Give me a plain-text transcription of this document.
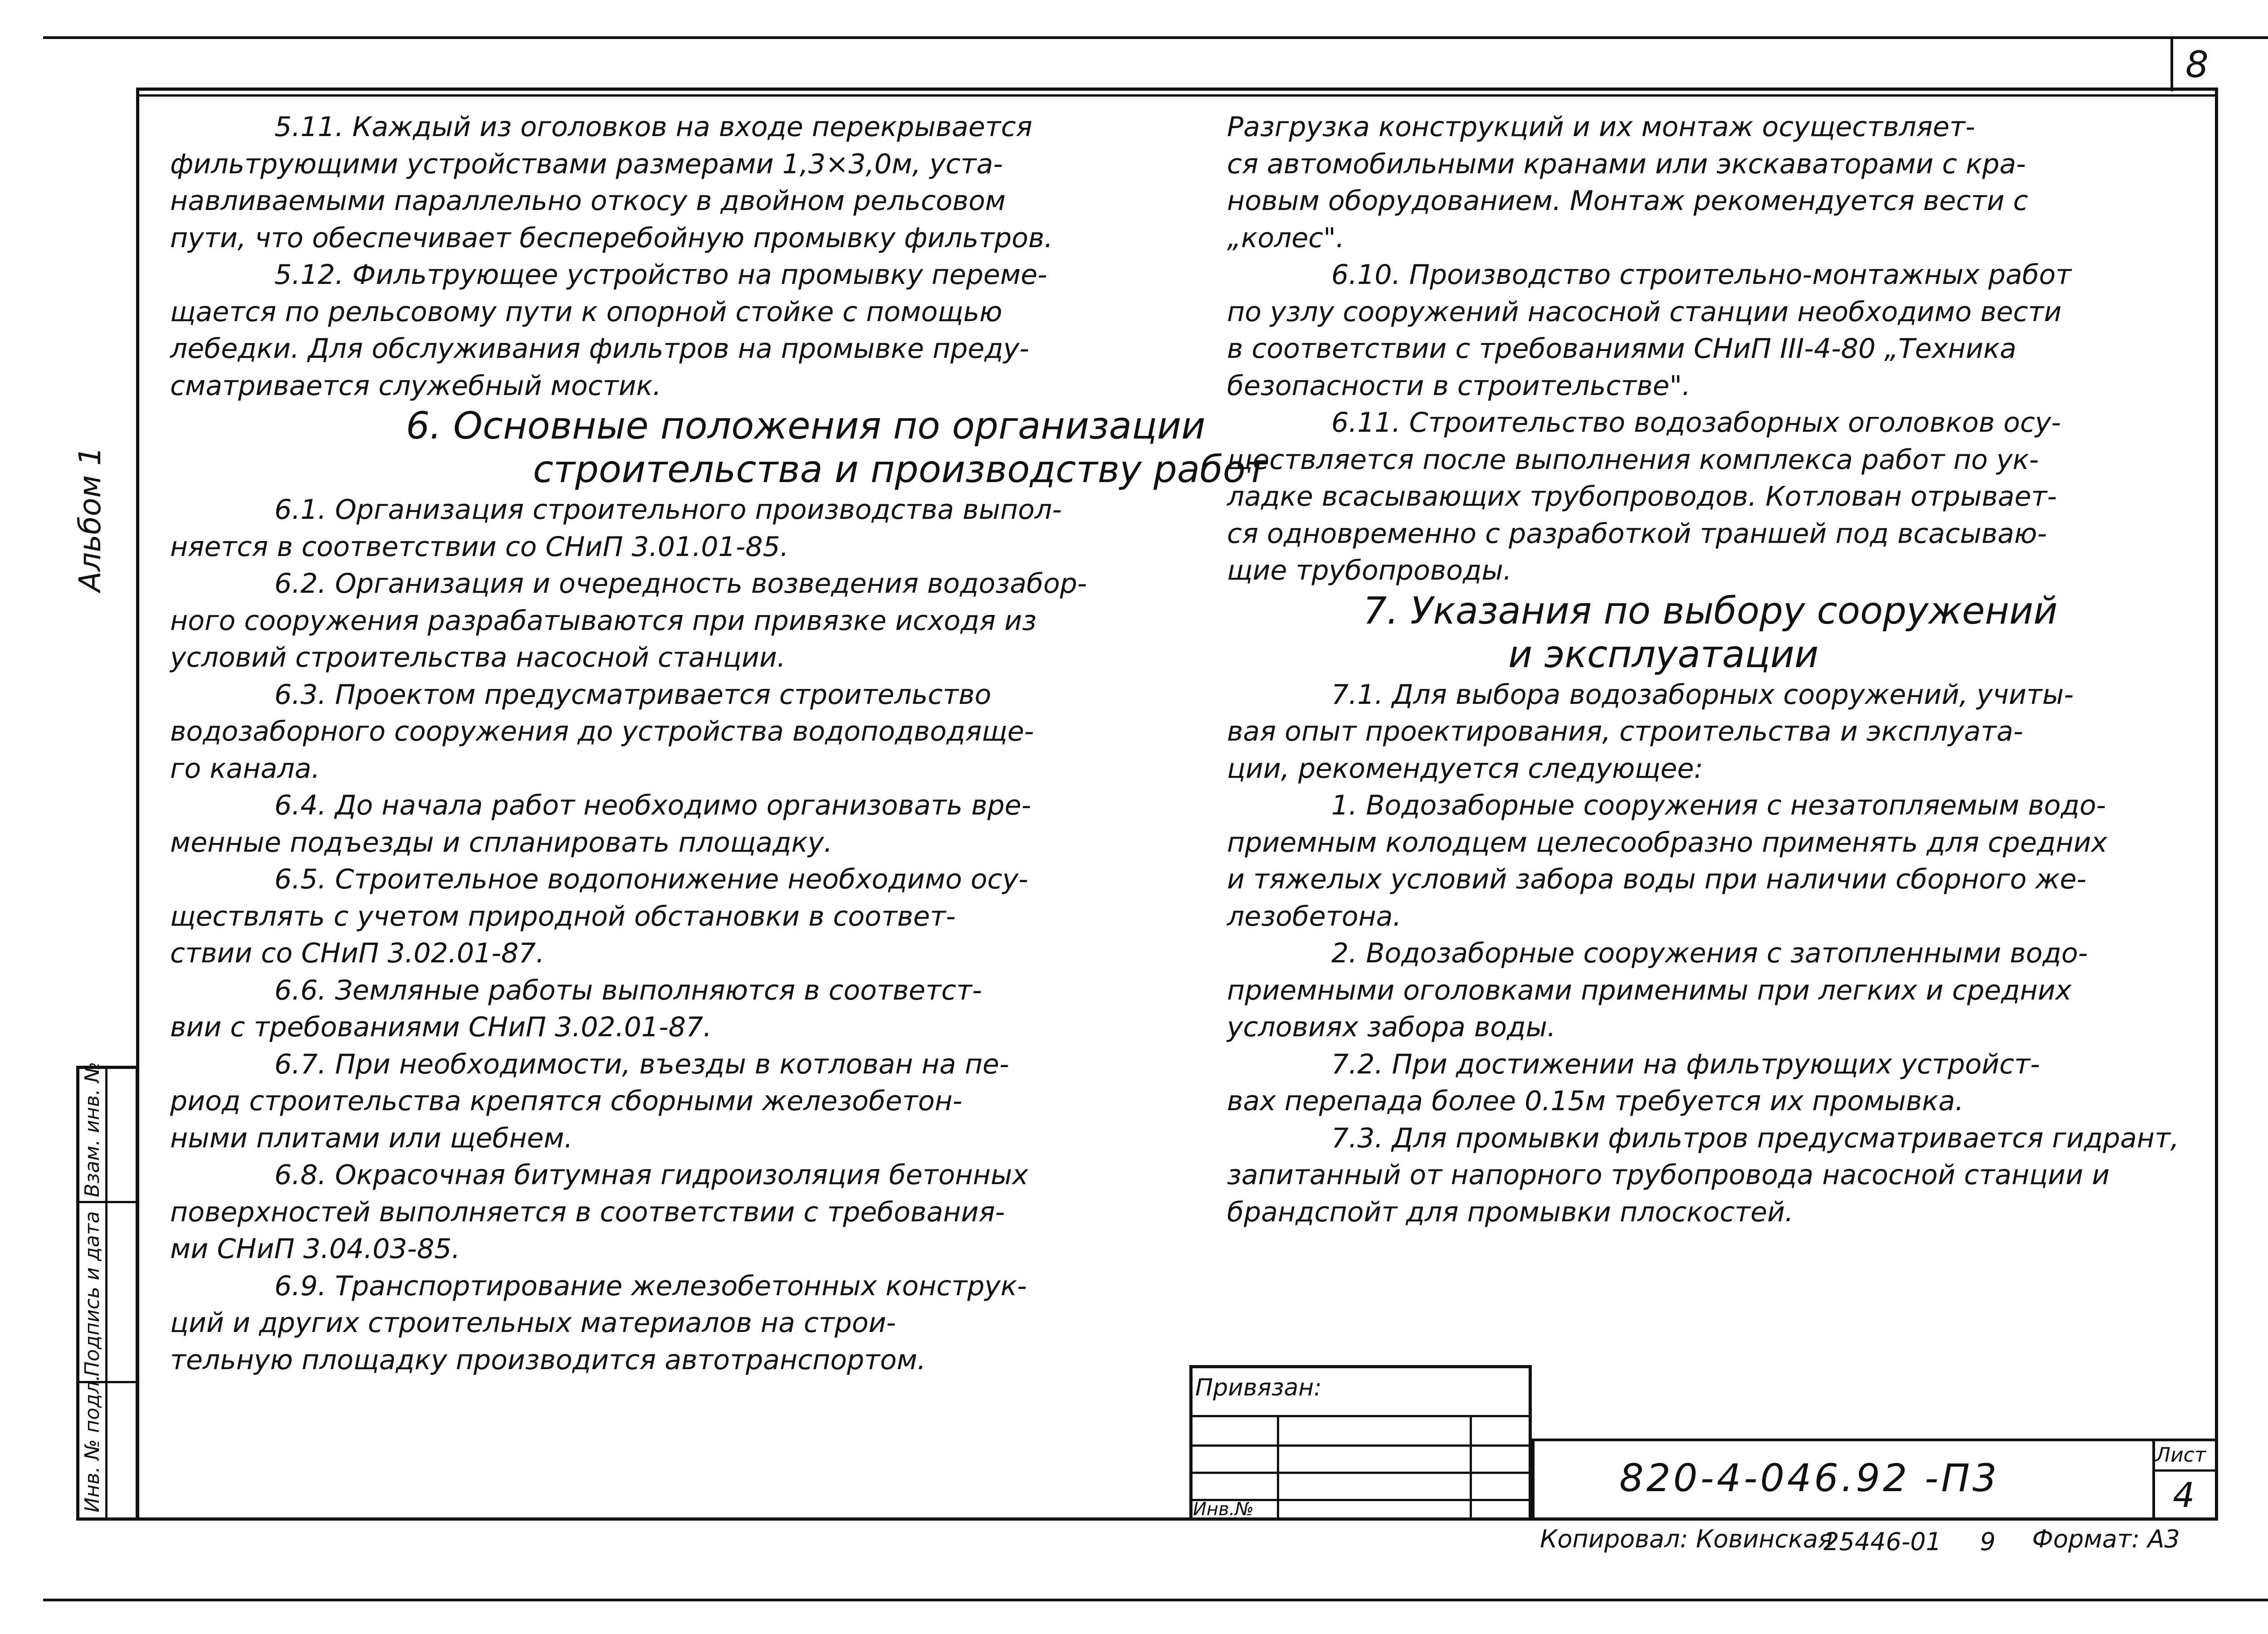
8
Инв. № подл.
Подпись и дата
Взам. инв. №
Альбом 1

5.11. Каждый из оголовков на входе перекрывается

фильтрующими устройствами размерами 1,3×3,0м, уста-

навливаемыми параллельно откосу в двойном рельсовом

пути, что обеспечивает бесперебойную промывку фильтров.

5.12. Фильтрующее устройство на промывку переме-

щается по рельсовому пути к опорной стойке с помощью

лебедки. Для обслуживания фильтров на промывке преду-

сматривается служебный мостик.

6. Основные положения по организации

строительства и производству работ

6.1. Организация строительного производства выпол-

няется в соответствии со СНиП 3.01.01-85.

6.2. Организация и очередность возведения водозабор-

ного сооружения разрабатываются при привязке исходя из

условий строительства насосной станции.

6.3. Проектом предусматривается строительство

водозаборного сооружения до устройства водоподводяще-

го канала.

6.4. До начала работ необходимо организовать вре-

менные подъезды и спланировать площадку.

6.5. Строительное водопонижение необходимо осу-

ществлять с учетом природной обстановки в соответ-

ствии со СНиП 3.02.01-87.

6.6. Земляные работы выполняются в соответст-

вии с требованиями СНиП 3.02.01-87.

6.7. При необходимости, въезды в котлован на пе-

риод строительства крепятся сборными железобетон-

ными плитами или щебнем.

6.8. Окрасочная битумная гидроизоляция бетонных

поверхностей выполняется в соответствии с требования-

ми СНиП 3.04.03-85.

6.9. Транспортирование железобетонных конструк-

ций и других строительных материалов на строи-

тельную площадку производится автотранспортом.

Разгрузка конструкций и их монтаж осуществляет-

ся автомобильными кранами или экскаваторами с кра-

новым оборудованием. Монтаж рекомендуется вести с

„колес".

6.10. Производство строительно-монтажных работ

по узлу сооружений насосной станции необходимо вести

в соответствии с требованиями СНиП III-4-80 „Техника

безопасности в строительстве".

6.11. Строительство водозаборных оголовков осу-

ществляется после выполнения комплекса работ по ук-

ладке всасывающих трубопроводов. Котлован отрывает-

ся одновременно с разработкой траншей под всасываю-

щие трубопроводы.

7. Указания по выбору сооружений

и эксплуатации

7.1. Для выбора водозаборных сооружений, учиты-

вая опыт проектирования, строительства и эксплуата-

ции, рекомендуется следующее:

1. Водозаборные сооружения с незатопляемым водо-

приемным колодцем целесообразно применять для средних

и тяжелых условий забора воды при наличии сборного же-

лезобетона.

2. Водозаборные сооружения с затопленными водо-

приемными оголовками применимы при легких и средних

условиях забора воды.

7.2. При достижении на фильтрующих устройст-

вах перепада более 0.15м требуется их промывка.

7.3. Для промывки фильтров предусматривается гидрант,

запитанный от напорного трубопровода насосной станции и

брандспойт для промывки плоскостей.

Привязан:
Инв.№
820-4-046.92 -П3
Лист
4
Копировал: Ковинская
25446-01 9 Формат: А3
